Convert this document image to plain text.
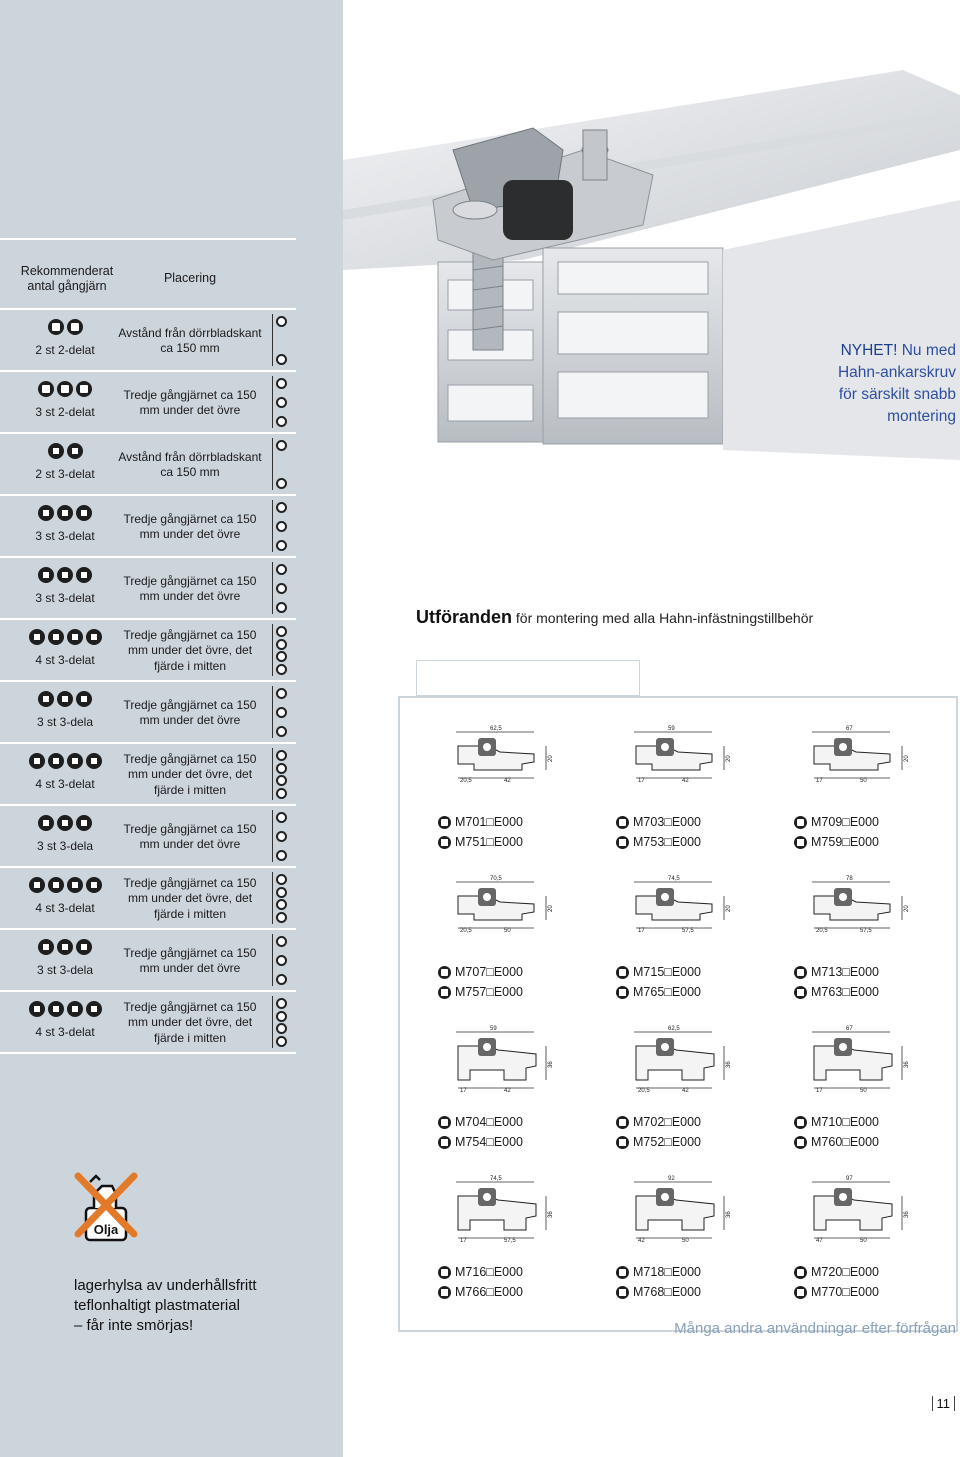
Rekommenderat antal gångjärn
Placering
2 st 2-delat
Avstånd från dörrbladskant ca 150 mm
3 st 2-delat
Tredje gångjärnet ca 150 mm under det övre
2 st 3-delat
Avstånd från dörrbladskant ca 150 mm
3 st 3-delat
Tredje gångjärnet ca 150 mm under det övre
3 st 3-delat
Tredje gångjärnet ca 150 mm under det övre
4 st 3-delat
Tredje gångjärnet ca 150 mm under det övre, det fjärde i mitten
3 st 3-dela
Tredje gångjärnet ca 150 mm under det övre
4 st 3-delat
Tredje gångjärnet ca 150 mm under det övre, det fjärde i mitten
3 st 3-dela
Tredje gångjärnet ca 150 mm under det övre
4 st 3-delat
Tredje gångjärnet ca 150 mm under det övre, det fjärde i mitten
3 st 3-dela
Tredje gångjärnet ca 150 mm under det övre
4 st 3-delat
Tredje gångjärnet ca 150 mm under det övre, det fjärde i mitten
Olja
lagerhylsa av underhållsfritt
teflonhaltigt plastmaterial
– får inte smörjas!
NYHET! Nu med
Hahn-ankarskruv
för särskilt snabb
montering
Utföranden för montering med alla Hahn-infästningstillbehör
62,5
20,5	42
20
M701□E000
M751□E000
59
17	42
20
M703□E000
M753□E000
67
17	50
20
M709□E000
M759□E000
70,5
20,5	50
20
M707□E000
M757□E000
74,5
17	57,5
20
M715□E000
M765□E000
78
20,5	57,5
20
M713□E000
M763□E000
59
17	42
36
M704□E000
M754□E000
62,5
20,5	42
36
M702□E000
M752□E000
67
17	50
36
M710□E000
M760□E000
74,5
17	57,5
36
M716□E000
M766□E000
92
42	50
36
M718□E000
M768□E000
97
47	50
36
M720□E000
M770□E000
Många andra användningar efter förfrågan
11
